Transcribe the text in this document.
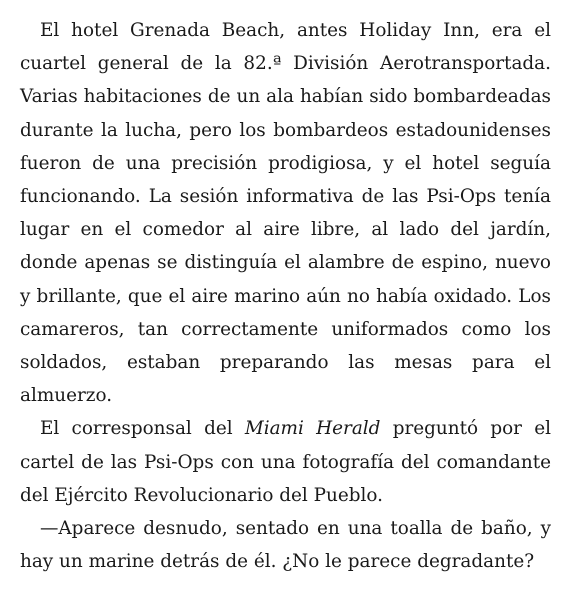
El hotel Grenada Beach, antes Holiday Inn, era el cuartel general de la 82.ª División Aerotransportada. Varias habitaciones de un ala habían sido bombardeadas durante la lucha, pero los bombardeos estadounidenses fueron de una precisión prodigiosa, y el hotel seguía funcionando. La sesión informativa de las Psi-Ops tenía lugar en el comedor al aire libre, al lado del jardín, donde apenas se distinguía el alambre de espino, nuevo y brillante, que el aire marino aún no había oxidado. Los camareros, tan correctamente uniformados como los soldados, estaban preparando las mesas para el almuerzo.

El corresponsal del Miami Herald preguntó por el cartel de las Psi-Ops con una fotografía del comandante del Ejército Revolucionario del Pueblo.

—Aparece desnudo, sentado en una toalla de baño, y hay un marine detrás de él. ¿No le parece degradante?
